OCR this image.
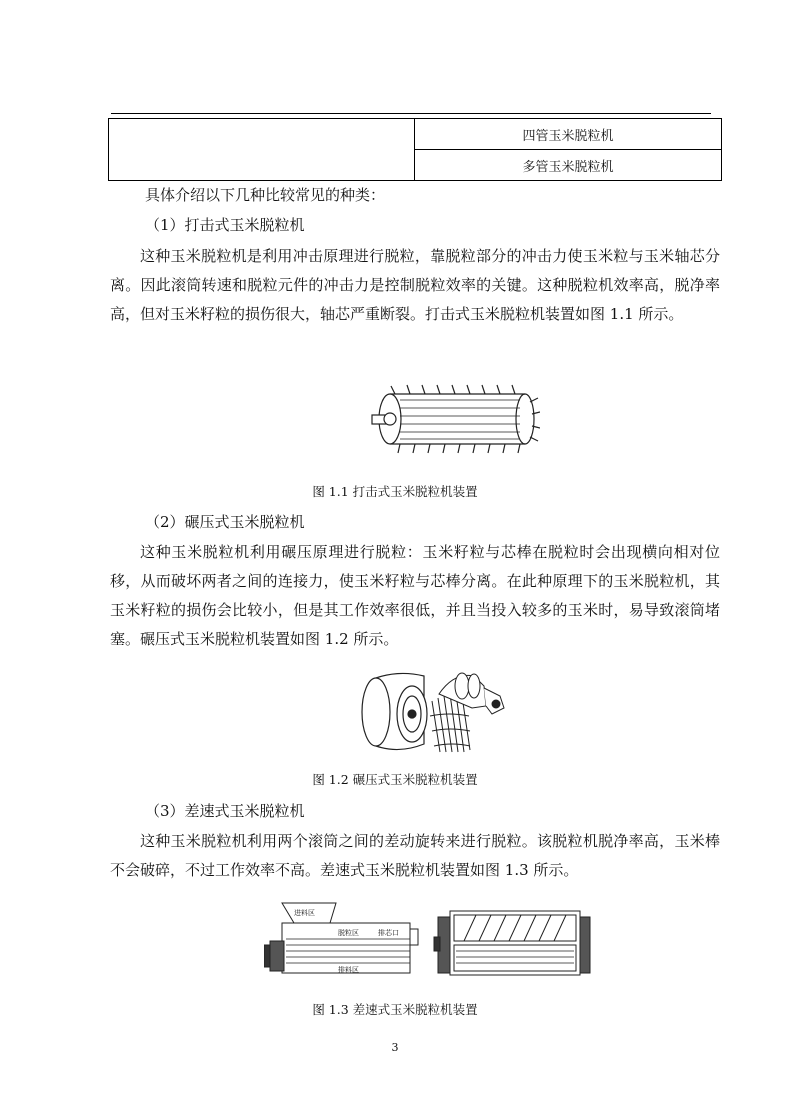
	四管玉米脱粒机
多管玉米脱粒机

具体介绍以下几种比较常见的种类：

（1）打击式玉米脱粒机

这种玉米脱粒机是利用冲击原理进行脱粒，靠脱粒部分的冲击力使玉米粒与玉米轴芯分离。因此滚筒转速和脱粒元件的冲击力是控制脱粒效率的关键。这种脱粒机效率高，脱净率高，但对玉米籽粒的损伤很大，轴芯严重断裂。打击式玉米脱粒机装置如图 1.1 所示。

图 1.1 打击式玉米脱粒机装置

（2）碾压式玉米脱粒机

这种玉米脱粒机利用碾压原理进行脱粒：玉米籽粒与芯棒在脱粒时会出现横向相对位移，从而破坏两者之间的连接力，使玉米籽粒与芯棒分离。在此种原理下的玉米脱粒机，其玉米籽粒的损伤会比较小，但是其工作效率很低，并且当投入较多的玉米时，易导致滚筒堵塞。碾压式玉米脱粒机装置如图 1.2 所示。

图 1.2 碾压式玉米脱粒机装置

（3）差速式玉米脱粒机

这种玉米脱粒机利用两个滚筒之间的差动旋转来进行脱粒。该脱粒机脱净率高，玉米棒不会破碎，不过工作效率不高。差速式玉米脱粒机装置如图 1.3 所示。

进料区
脱粒区	排芯口
排料区

图 1.3 差速式玉米脱粒机装置

3
